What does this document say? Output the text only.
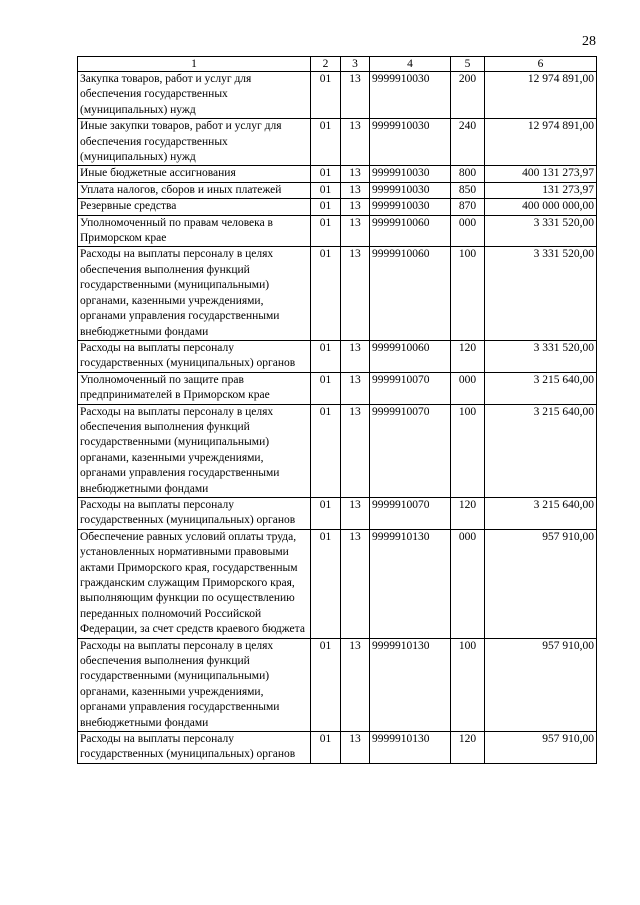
28
1	2	3	4	5	6
Закупка товаров, работ и услуг для обеспечения государственных (муниципальных) нужд	01	13	9999910030	200	12 974 891,00
Иные закупки товаров, работ и услуг для обеспечения государственных (муниципальных) нужд	01	13	9999910030	240	12 974 891,00
Иные бюджетные ассигнования	01	13	9999910030	800	400 131 273,97
Уплата налогов, сборов и иных платежей	01	13	9999910030	850	131 273,97
Резервные средства	01	13	9999910030	870	400 000 000,00
Уполномоченный по правам человека в Приморском крае	01	13	9999910060	000	3 331 520,00
Расходы на выплаты персоналу в целях обеспечения выполнения функций государственными (муниципальными) органами, казенными учреждениями, органами управления государственными внебюджетными фондами	01	13	9999910060	100	3 331 520,00
Расходы на выплаты персоналу государственных (муниципальных) органов	01	13	9999910060	120	3 331 520,00
Уполномоченный по защите прав предпринимателей в Приморском крае	01	13	9999910070	000	3 215 640,00
Расходы на выплаты персоналу в целях обеспечения выполнения функций государственными (муниципальными) органами, казенными учреждениями, органами управления государственными внебюджетными фондами	01	13	9999910070	100	3 215 640,00
Расходы на выплаты персоналу государственных (муниципальных) органов	01	13	9999910070	120	3 215 640,00
Обеспечение равных условий оплаты труда, установленных нормативными правовыми актами Приморского края, государственным гражданским служащим Приморского края, выполняющим функции по осуществлению переданных полномочий Российской Федерации, за счет средств краевого бюджета	01	13	9999910130	000	957 910,00
Расходы на выплаты персоналу в целях обеспечения выполнения функций государственными (муниципальными) органами, казенными учреждениями, органами управления государственными внебюджетными фондами	01	13	9999910130	100	957 910,00
Расходы на выплаты персоналу государственных (муниципальных) органов	01	13	9999910130	120	957 910,00
